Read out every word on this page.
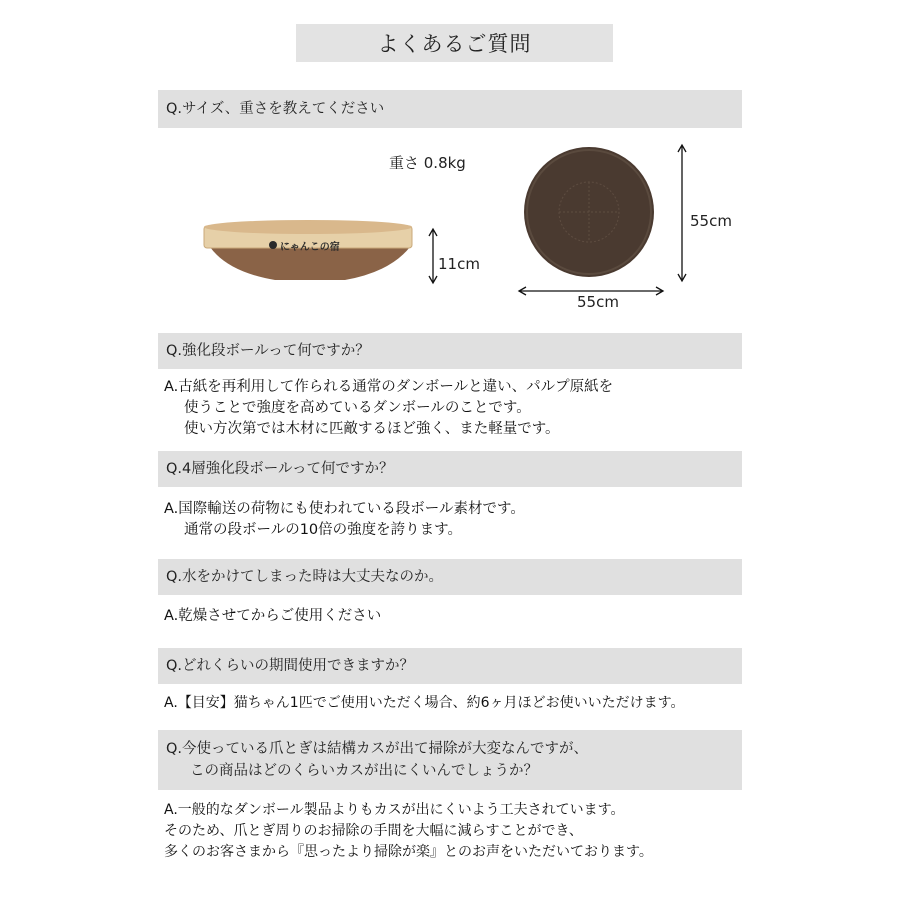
よくあるご質問
Q.サイズ、重さを教えてください
重さ 0.8kg
11cm
55cm
55cm
にゃんこの宿
Q.強化段ボールって何ですか？
A.古紙を再利用して作られる通常のダンボールと違い、パルプ原紙を
使うことで強度を高めているダンボールのことです。
使い方次第では木材に匹敵するほど強く、また軽量です。
Q.4層強化段ボールって何ですか？
A.国際輸送の荷物にも使われている段ボール素材です。
通常の段ボールの10倍の強度を誇ります。
Q.水をかけてしまった時は大丈夫なのか。
A.乾燥させてからご使用ください
Q.どれくらいの期間使用できますか？
A.【目安】猫ちゃん1匹でご使用いただく場合、約6ヶ月ほどお使いいただけます。
Q.今使っている爪とぎは結構カスが出て掃除が大変なんですが、
この商品はどのくらいカスが出にくいんでしょうか？
A.一般的なダンボール製品よりもカスが出にくいよう工夫されています。
そのため、爪とぎ周りのお掃除の手間を大幅に減らすことができ、
多くのお客さまから『思ったより掃除が楽』とのお声をいただいております。
